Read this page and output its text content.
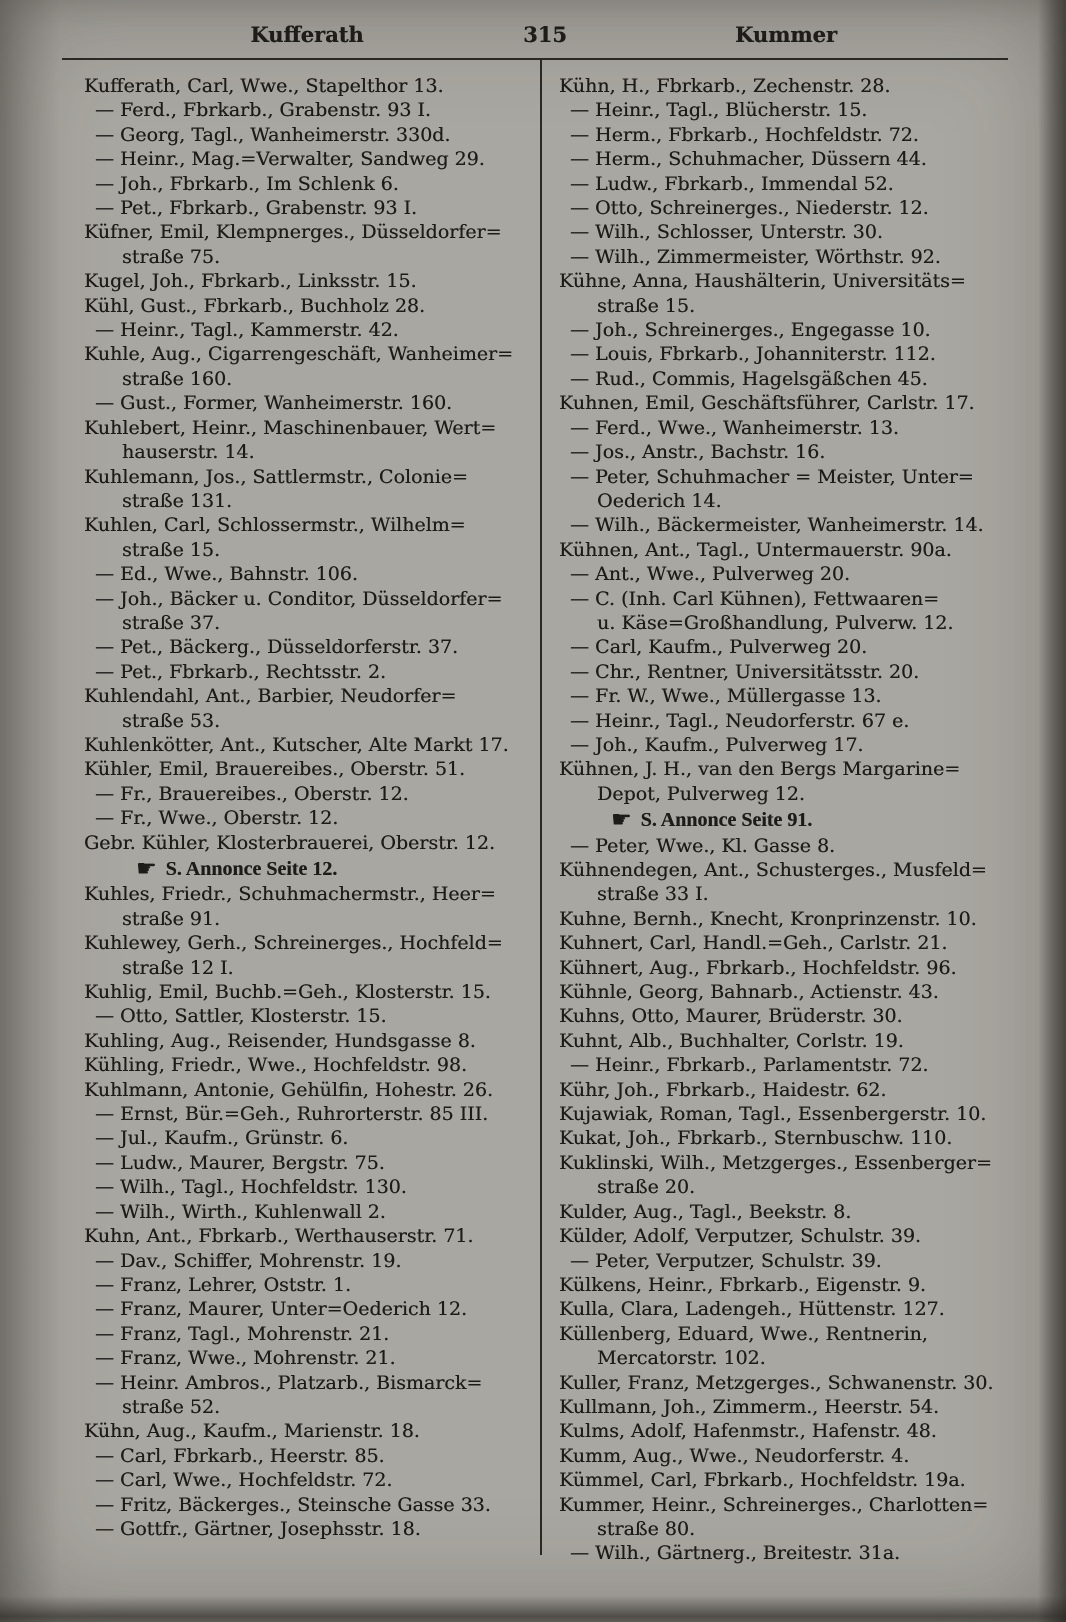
Kufferath	315	Kummer
Kufferath, Carl, Wwe., Stapelthor 13.
— Ferd., Fbrkarb., Grabenstr. 93 I.
— Georg, Tagl., Wanheimerstr. 330d.
— Heinr., Mag.=Verwalter, Sandweg 29.
— Joh., Fbrkarb., Im Schlenk 6.
— Pet., Fbrkarb., Grabenstr. 93 I.
Küfner, Emil, Klempnerges., Düsseldorfer=
straße 75.
Kugel, Joh., Fbrkarb., Linksstr. 15.
Kühl, Gust., Fbrkarb., Buchholz 28.
— Heinr., Tagl., Kammerstr. 42.
Kuhle, Aug., Cigarrengeschäft, Wanheimer=
straße 160.
— Gust., Former, Wanheimerstr. 160.
Kuhlebert, Heinr., Maschinenbauer, Wert=
hauserstr. 14.
Kuhlemann, Jos., Sattlermstr., Colonie=
straße 131.
Kuhlen, Carl, Schlossermstr., Wilhelm=
straße 15.
— Ed., Wwe., Bahnstr. 106.
— Joh., Bäcker u. Conditor, Düsseldorfer=
straße 37.
— Pet., Bäckerg., Düsseldorferstr. 37.
— Pet., Fbrkarb., Rechtsstr. 2.
Kuhlendahl, Ant., Barbier, Neudorfer=
straße 53.
Kuhlenkötter, Ant., Kutscher, Alte Markt 17.
Kühler, Emil, Brauereibes., Oberstr. 51.
— Fr., Brauereibes., Oberstr. 12.
— Fr., Wwe., Oberstr. 12.
Gebr. Kühler, Klosterbrauerei, Oberstr. 12.
☛ S. Annonce Seite 12.
Kuhles, Friedr., Schuhmachermstr., Heer=
straße 91.
Kuhlewey, Gerh., Schreinerges., Hochfeld=
straße 12 I.
Kuhlig, Emil, Buchb.=Geh., Klosterstr. 15.
— Otto, Sattler, Klosterstr. 15.
Kuhling, Aug., Reisender, Hundsgasse 8.
Kühling, Friedr., Wwe., Hochfeldstr. 98.
Kuhlmann, Antonie, Gehülfin, Hohestr. 26.
— Ernst, Bür.=Geh., Ruhrorterstr. 85 III.
— Jul., Kaufm., Grünstr. 6.
— Ludw., Maurer, Bergstr. 75.
— Wilh., Tagl., Hochfeldstr. 130.
— Wilh., Wirth., Kuhlenwall 2.
Kuhn, Ant., Fbrkarb., Werthauserstr. 71.
— Dav., Schiffer, Mohrenstr. 19.
— Franz, Lehrer, Oststr. 1.
— Franz, Maurer, Unter=Oederich 12.
— Franz, Tagl., Mohrenstr. 21.
— Franz, Wwe., Mohrenstr. 21.
— Heinr. Ambros., Platzarb., Bismarck=
straße 52.
Kühn, Aug., Kaufm., Marienstr. 18.
— Carl, Fbrkarb., Heerstr. 85.
— Carl, Wwe., Hochfeldstr. 72.
— Fritz, Bäckerges., Steinsche Gasse 33.
— Gottfr., Gärtner, Josephsstr. 18.
Kühn, H., Fbrkarb., Zechenstr. 28.
— Heinr., Tagl., Blücherstr. 15.
— Herm., Fbrkarb., Hochfeldstr. 72.
— Herm., Schuhmacher, Düssern 44.
— Ludw., Fbrkarb., Immendal 52.
— Otto, Schreinerges., Niederstr. 12.
— Wilh., Schlosser, Unterstr. 30.
— Wilh., Zimmermeister, Wörthstr. 92.
Kühne, Anna, Haushälterin, Universitäts=
straße 15.
— Joh., Schreinerges., Engegasse 10.
— Louis, Fbrkarb., Johanniterstr. 112.
— Rud., Commis, Hagelsgäßchen 45.
Kuhnen, Emil, Geschäftsführer, Carlstr. 17.
— Ferd., Wwe., Wanheimerstr. 13.
— Jos., Anstr., Bachstr. 16.
— Peter, Schuhmacher = Meister, Unter=
Oederich 14.
— Wilh., Bäckermeister, Wanheimerstr. 14.
Kühnen, Ant., Tagl., Untermauerstr. 90a.
— Ant., Wwe., Pulverweg 20.
— C. (Inh. Carl Kühnen), Fettwaaren=
u. Käse=Großhandlung, Pulverw. 12.
— Carl, Kaufm., Pulverweg 20.
— Chr., Rentner, Universitätsstr. 20.
— Fr. W., Wwe., Müllergasse 13.
— Heinr., Tagl., Neudorferstr. 67 e.
— Joh., Kaufm., Pulverweg 17.
Kühnen, J. H., van den Bergs Margarine=
Depot, Pulverweg 12.
☛ S. Annonce Seite 91.
— Peter, Wwe., Kl. Gasse 8.
Kühnendegen, Ant., Schusterges., Musfeld=
straße 33 I.
Kuhne, Bernh., Knecht, Kronprinzenstr. 10.
Kuhnert, Carl, Handl.=Geh., Carlstr. 21.
Kühnert, Aug., Fbrkarb., Hochfeldstr. 96.
Kühnle, Georg, Bahnarb., Actienstr. 43.
Kuhns, Otto, Maurer, Brüderstr. 30.
Kuhnt, Alb., Buchhalter, Corlstr. 19.
— Heinr., Fbrkarb., Parlamentstr. 72.
Kühr, Joh., Fbrkarb., Haidestr. 62.
Kujawiak, Roman, Tagl., Essenbergerstr. 10.
Kukat, Joh., Fbrkarb., Sternbuschw. 110.
Kuklinski, Wilh., Metzgerges., Essenberger=
straße 20.
Kulder, Aug., Tagl., Beekstr. 8.
Külder, Adolf, Verputzer, Schulstr. 39.
— Peter, Verputzer, Schulstr. 39.
Külkens, Heinr., Fbrkarb., Eigenstr. 9.
Kulla, Clara, Ladengeh., Hüttenstr. 127.
Küllenberg, Eduard, Wwe., Rentnerin,
Mercatorstr. 102.
Kuller, Franz, Metzgerges., Schwanenstr. 30.
Kullmann, Joh., Zimmerm., Heerstr. 54.
Kulms, Adolf, Hafenmstr., Hafenstr. 48.
Kumm, Aug., Wwe., Neudorferstr. 4.
Kümmel, Carl, Fbrkarb., Hochfeldstr. 19a.
Kummer, Heinr., Schreinerges., Charlotten=
straße 80.
— Wilh., Gärtnerg., Breitestr. 31a.
